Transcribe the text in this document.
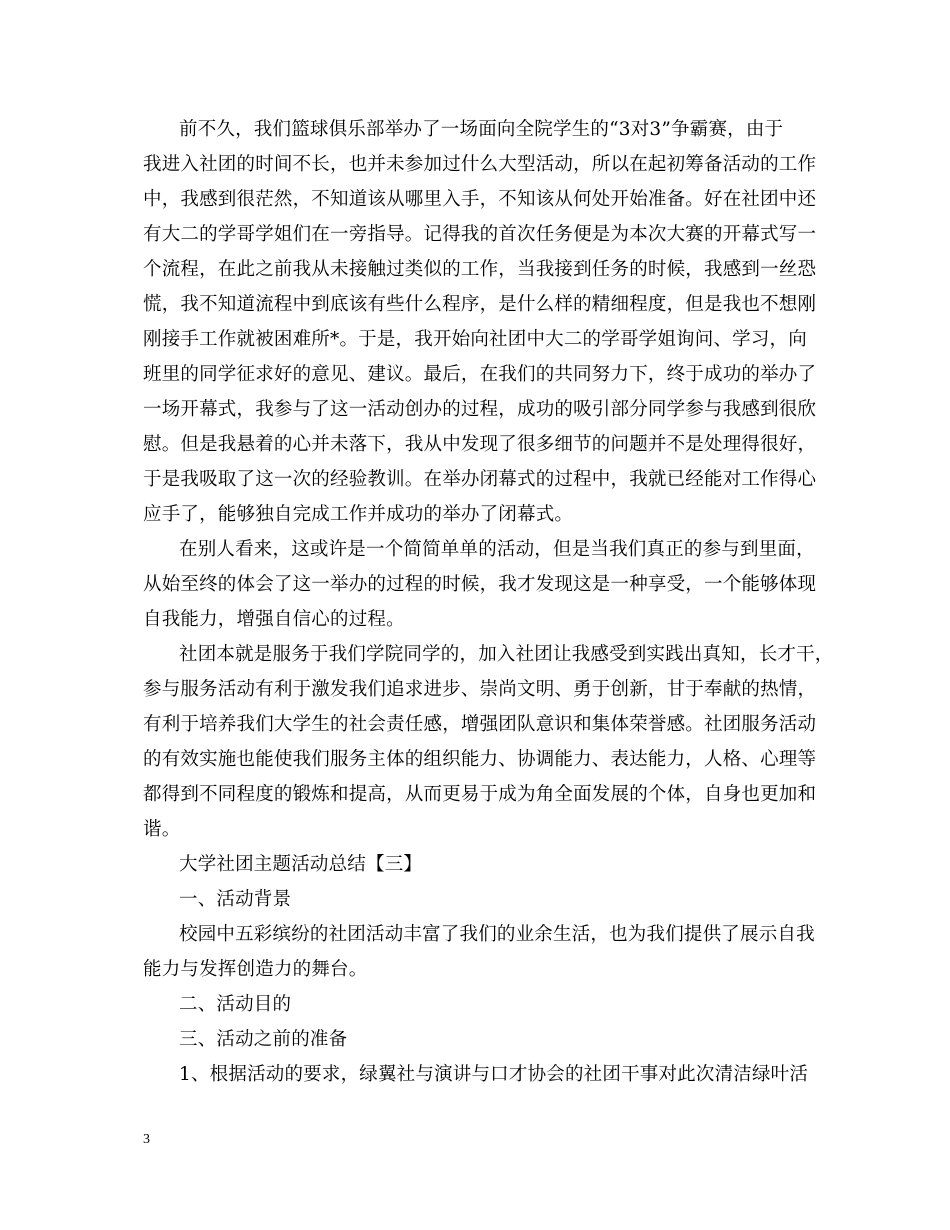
前不久，我们篮球俱乐部举办了一场面向全院学生的“3对3”争霸赛，由于
我进入社团的时间不长，也并未参加过什么大型活动，所以在起初筹备活动的工作
中，我感到很茫然，不知道该从哪里入手，不知该从何处开始准备。好在社团中还
有大二的学哥学姐们在一旁指导。记得我的首次任务便是为本次大赛的开幕式写一
个流程，在此之前我从未接触过类似的工作，当我接到任务的时候，我感到一丝恐
慌，我不知道流程中到底该有些什么程序，是什么样的精细程度，但是我也不想刚
刚接手工作就被困难所*。于是，我开始向社团中大二的学哥学姐询问、学习，向
班里的同学征求好的意见、建议。最后，在我们的共同努力下，终于成功的举办了
一场开幕式，我参与了这一活动创办的过程，成功的吸引部分同学参与我感到很欣
慰。但是我悬着的心并未落下，我从中发现了很多细节的问题并不是处理得很好，
于是我吸取了这一次的经验教训。在举办闭幕式的过程中，我就已经能对工作得心
应手了，能够独自完成工作并成功的举办了闭幕式。
在别人看来，这或许是一个简简单单的活动，但是当我们真正的参与到里面，
从始至终的体会了这一举办的过程的时候，我才发现这是一种享受，一个能够体现
自我能力，增强自信心的过程。
社团本就是服务于我们学院同学的，加入社团让我感受到实践出真知，长才干，
参与服务活动有利于激发我们追求进步、崇尚文明、勇于创新，甘于奉献的热情，
有利于培养我们大学生的社会责任感，增强团队意识和集体荣誉感。社团服务活动
的有效实施也能使我们服务主体的组织能力、协调能力、表达能力，人格、心理等
都得到不同程度的锻炼和提高，从而更易于成为角全面发展的个体，自身也更加和
谐。
大学社团主题活动总结【三】
一、活动背景
校园中五彩缤纷的社团活动丰富了我们的业余生活，也为我们提供了展示自我
能力与发挥创造力的舞台。
二、活动目的
三、活动之前的准备
1、根据活动的要求，绿翼社与演讲与口才协会的社团干事对此次清洁绿叶活
3
